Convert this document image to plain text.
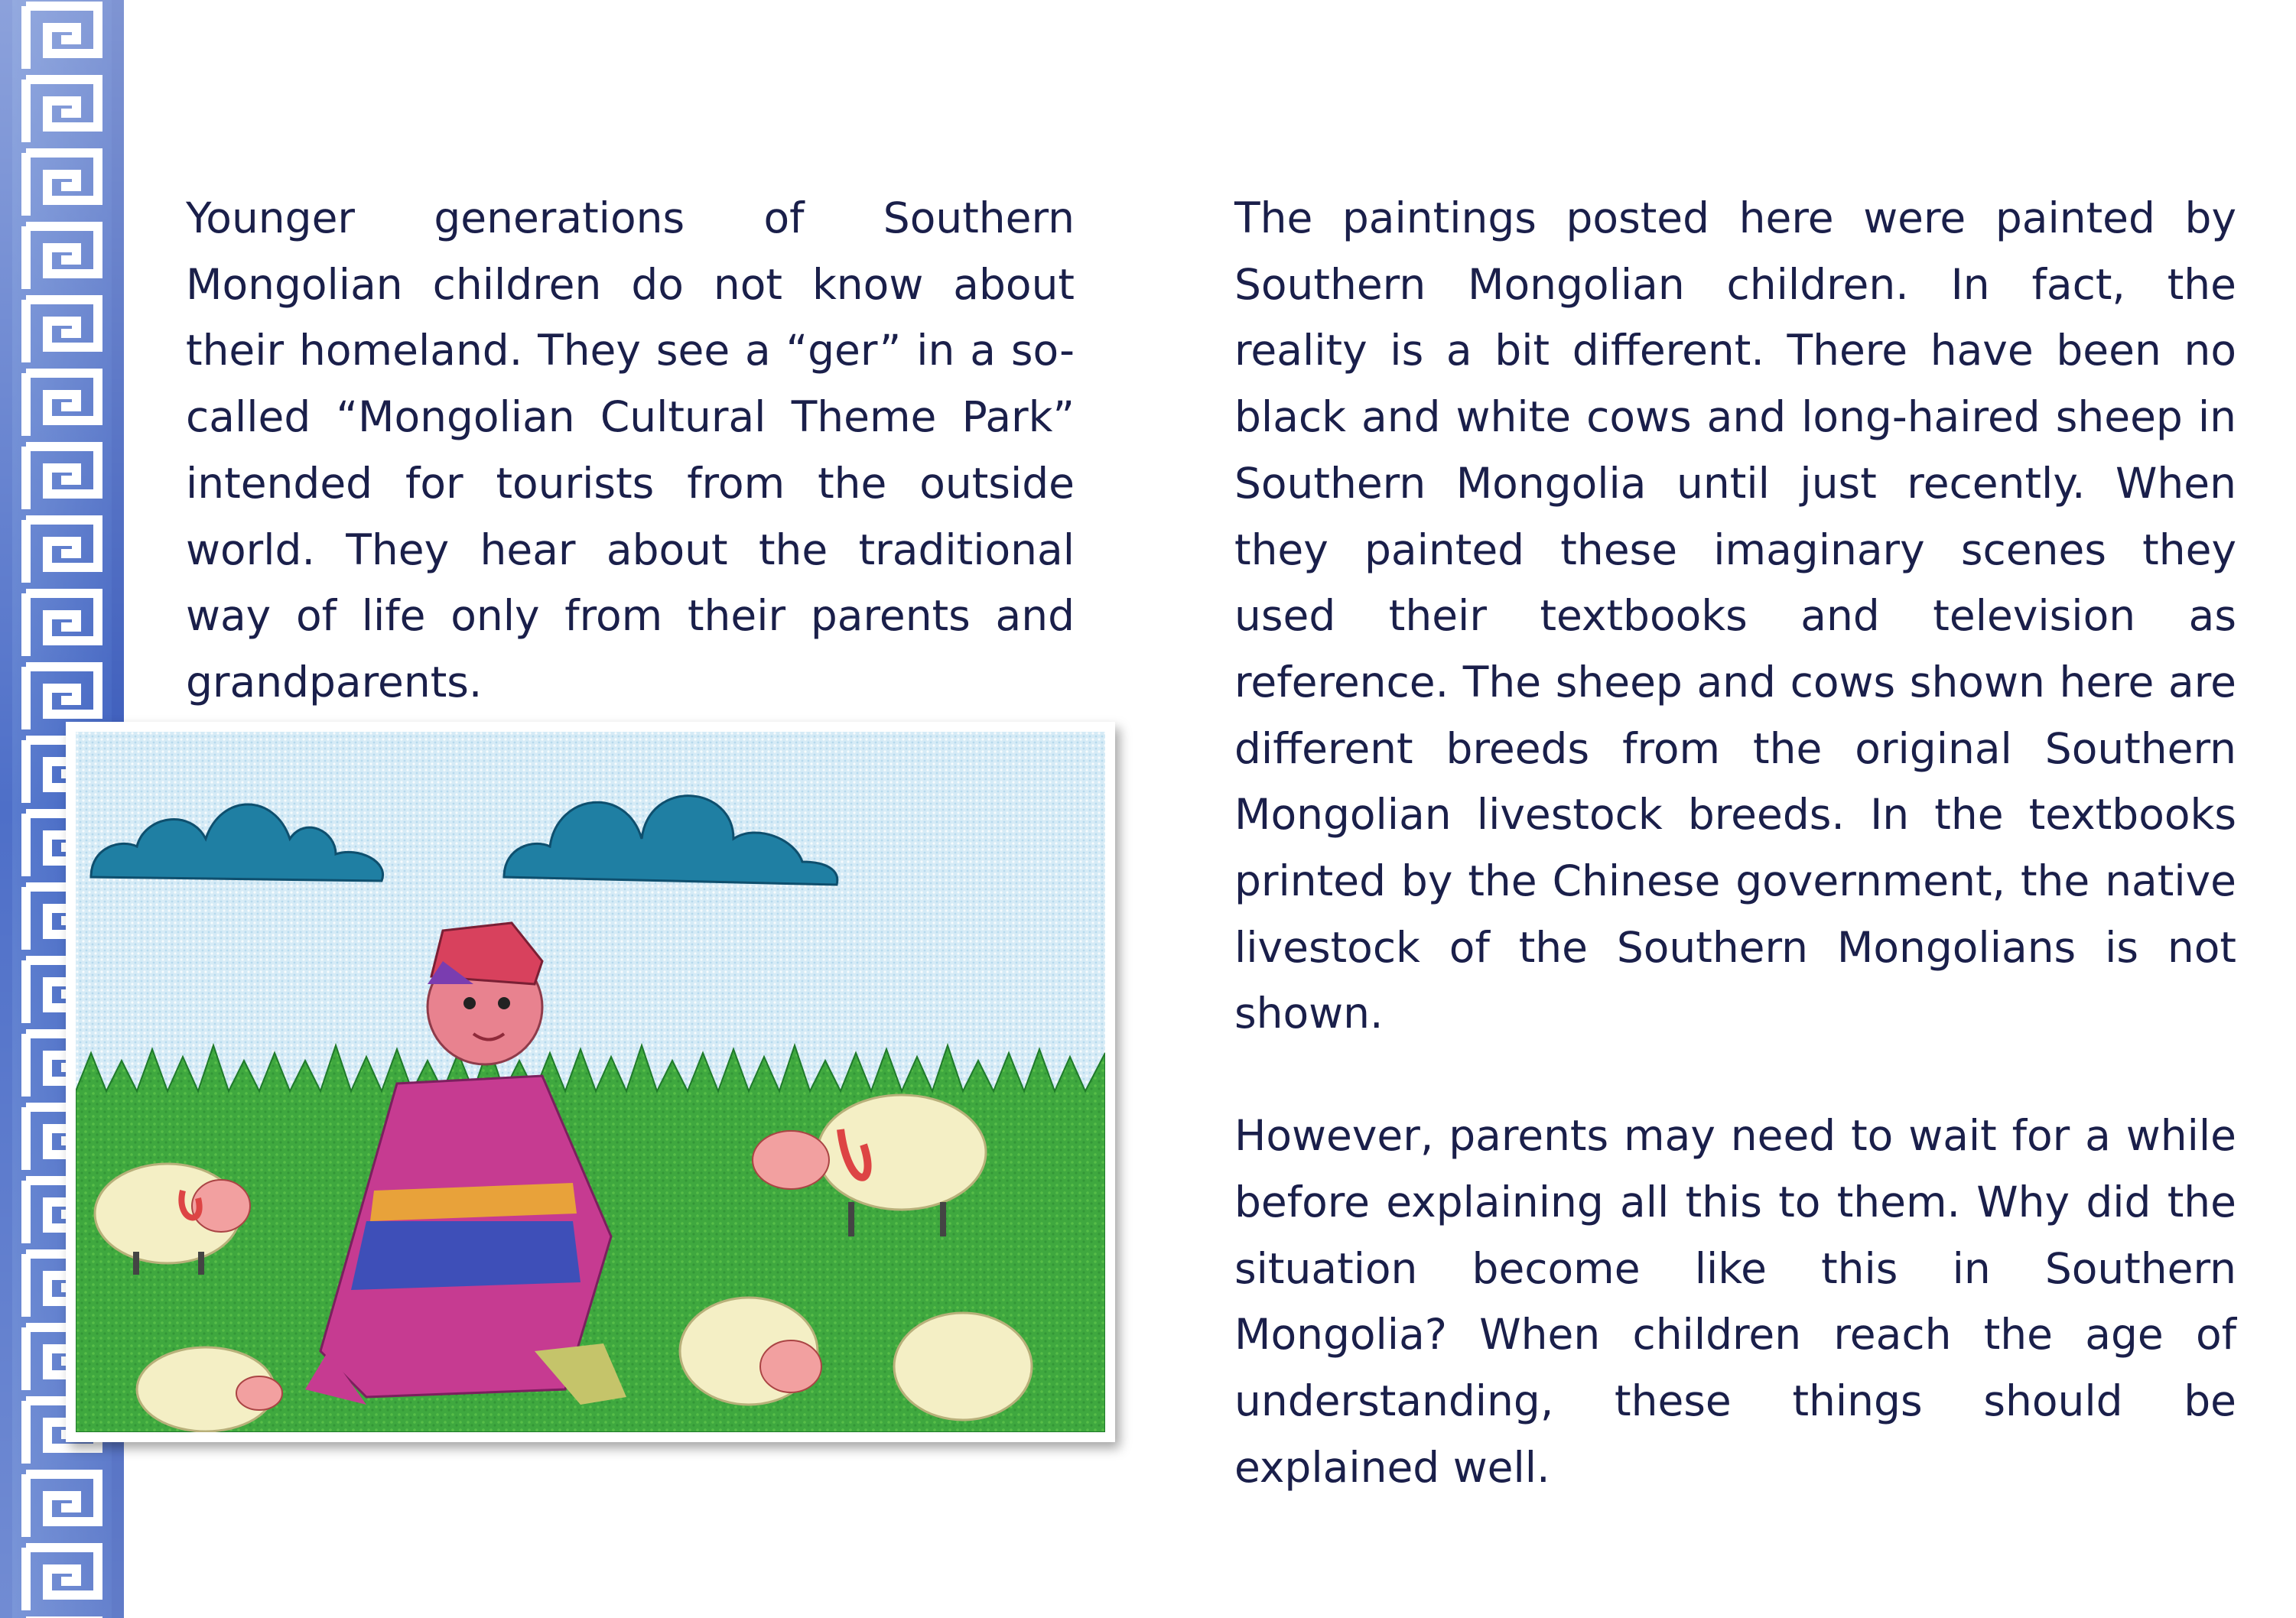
Younger generations of Southern Mongolian children do not know about their homeland. They see a “ger” in a so-called “Mongolian Cultural Theme Park” intended for tourists from the outside world. They hear about the traditional way of life only from their parents and grandparents.

The paintings posted here were painted by Southern Mongolian children. In fact, the reality is a bit different. There have been no black and white cows and long-haired sheep in Southern Mongolia until just recently. When they painted these imaginary scenes they used their textbooks and television as reference. The sheep and cows shown here are different breeds from the original Southern Mongolian livestock breeds. In the textbooks printed by the Chinese government, the native livestock of the Southern Mongolians is not shown.

However, parents may need to wait for a while before explaining all this to them. Why did the situation become like this in Southern Mongolia? When children reach the age of understanding, these things should be explained well.
